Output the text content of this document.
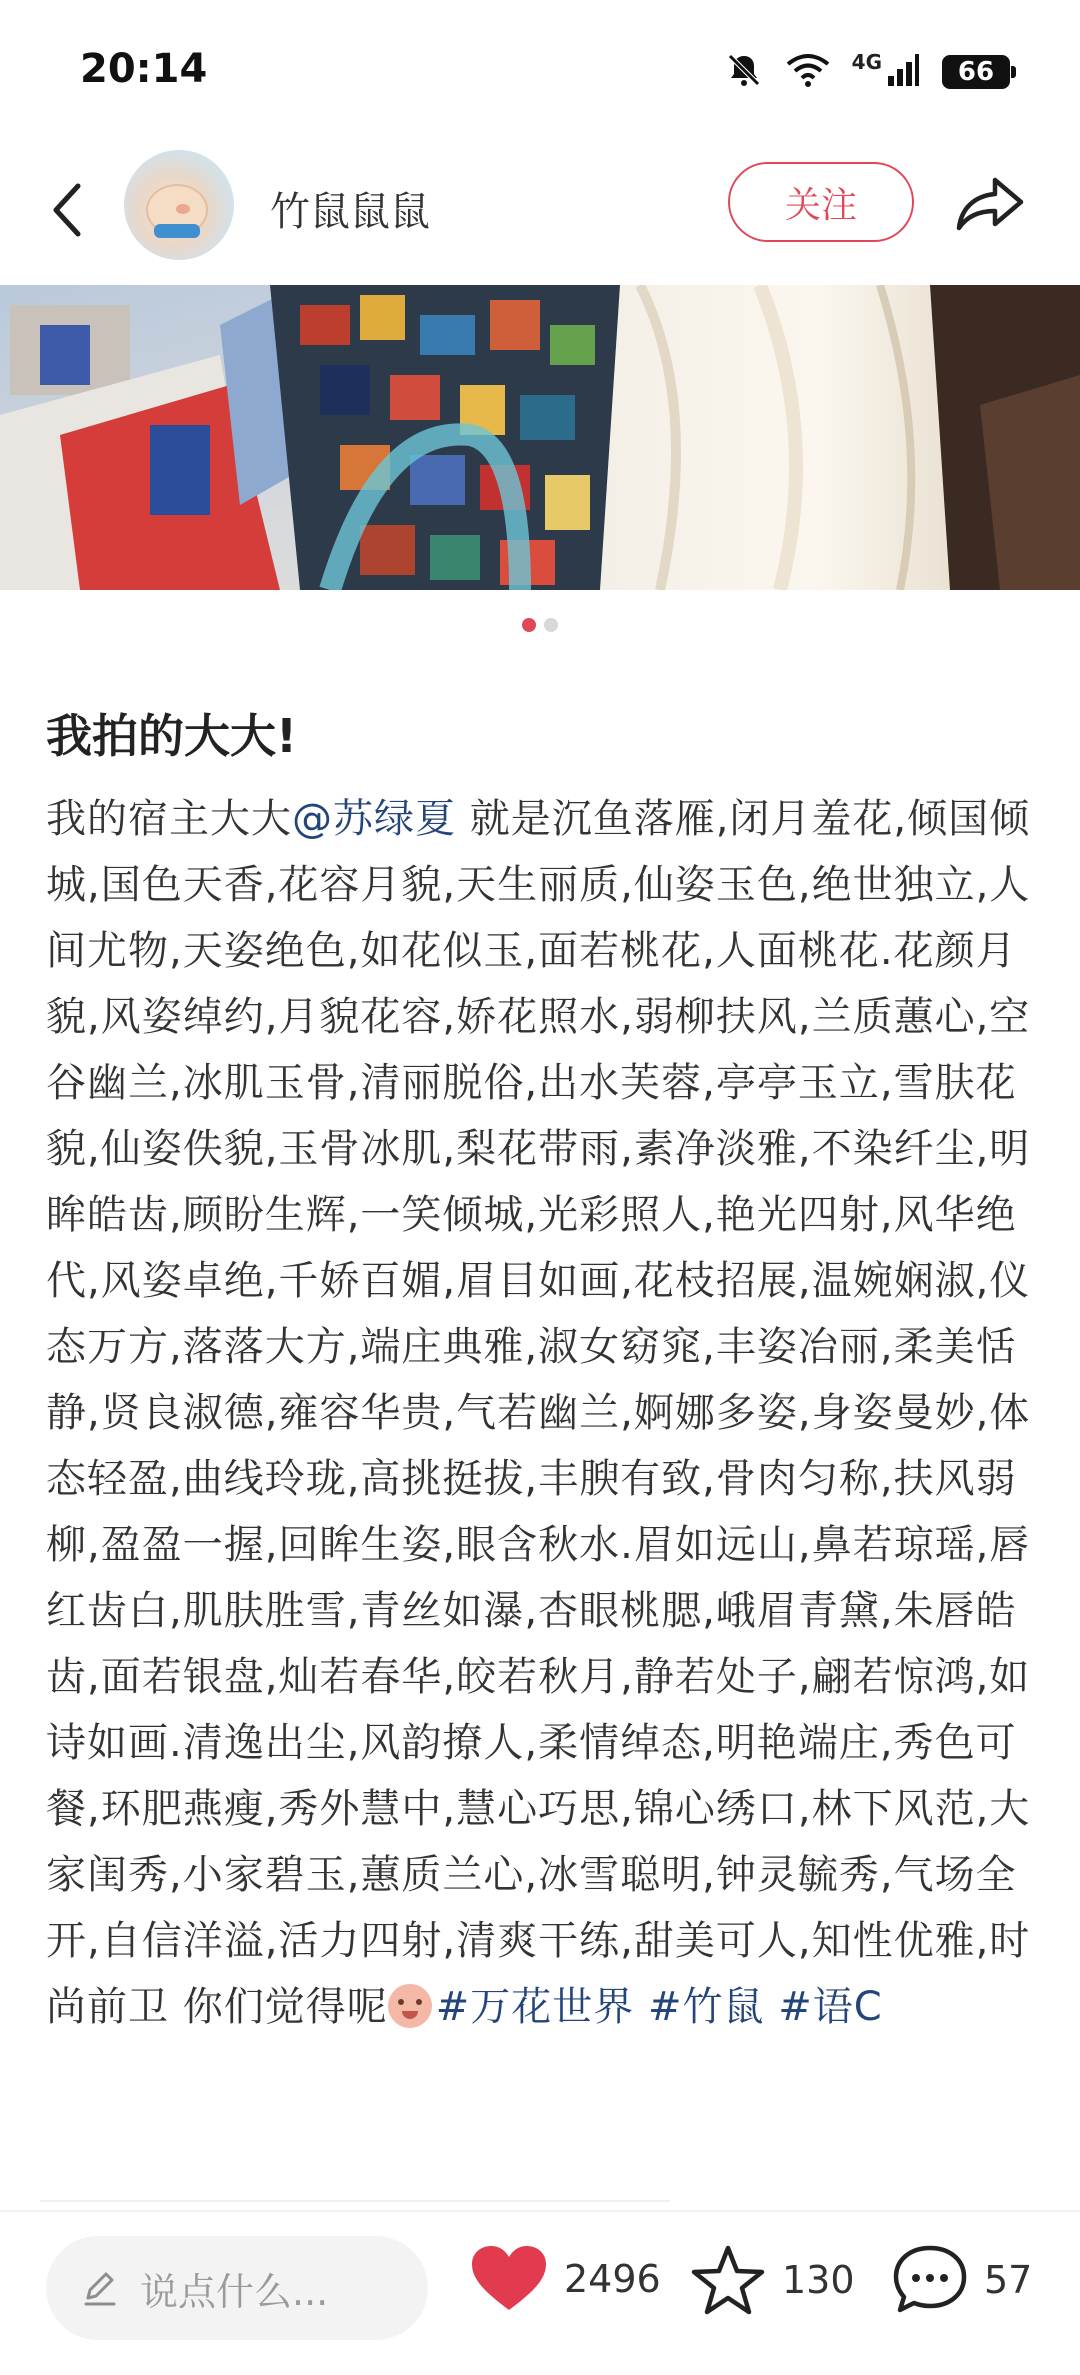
20:14	4G	66
竹鼠鼠鼠	关注
我拍的大大!
我的宿主大大@苏绿夏 就是沉鱼落雁,闭月羞花,倾国倾城,国色天香,花容月貌,天生丽质,仙姿玉色,绝世独立,人间尤物,天姿绝色,如花似玉,面若桃花,人面桃花.花颜月貌,风姿绰约,月貌花容,娇花照水,弱柳扶风,兰质蕙心,空谷幽兰,冰肌玉骨,清丽脱俗,出水芙蓉,亭亭玉立,雪肤花貌,仙姿佚貌,玉骨冰肌,梨花带雨,素净淡雅,不染纤尘,明眸皓齿,顾盼生辉,一笑倾城,光彩照人,艳光四射,风华绝代,风姿卓绝,千娇百媚,眉目如画,花枝招展,温婉娴淑,仪态万方,落落大方,端庄典雅,淑女窈窕,丰姿冶丽,柔美恬静,贤良淑德,雍容华贵,气若幽兰,婀娜多姿,身姿曼妙,体态轻盈,曲线玲珑,高挑挺拔,丰腴有致,骨肉匀称,扶风弱柳,盈盈一握,回眸生姿,眼含秋水.眉如远山,鼻若琼瑶,唇红齿白,肌肤胜雪,青丝如瀑,杏眼桃腮,峨眉青黛,朱唇皓齿,面若银盘,灿若春华,皎若秋月,静若处子,翩若惊鸿,如诗如画.清逸出尘,风韵撩人,柔情绰态,明艳端庄,秀色可餐,环肥燕瘦,秀外慧中,慧心巧思,锦心绣口,林下风范,大家闺秀,小家碧玉,蕙质兰心,冰雪聪明,钟灵毓秀,气场全开,自信洋溢,活力四射,清爽干练,甜美可人,知性优雅,时尚前卫 你们觉得呢 #万花世界 #竹鼠 #语C
说点什么...	2496	130	57
